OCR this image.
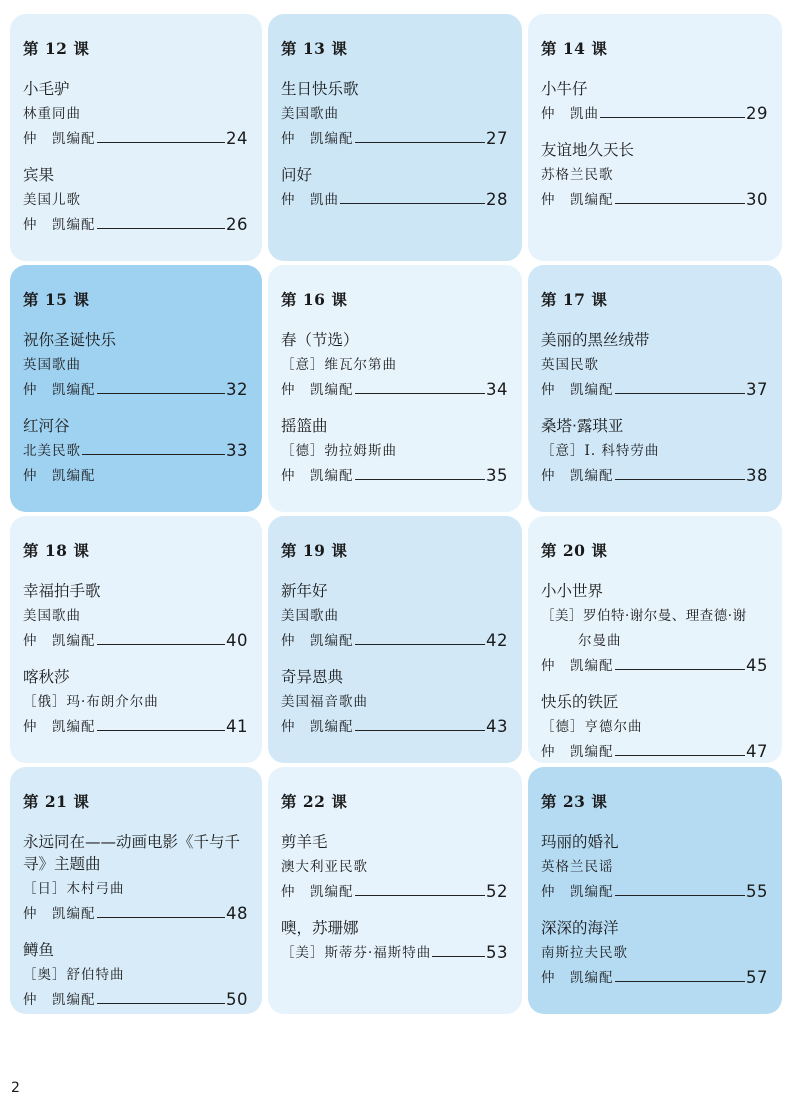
第 12 课
小毛驴
林重同曲
仲　凯编配	24
宾果
美国儿歌
仲　凯编配	26
第 13 课
生日快乐歌
美国歌曲
仲　凯编配	27
问好
仲　凯曲	28
第 14 课
小牛仔
仲　凯曲	29
友谊地久天长
苏格兰民歌
仲　凯编配	30
第 15 课
祝你圣诞快乐
英国歌曲
仲　凯编配	32
红河谷
北美民歌	33
仲　凯编配
第 16 课
春（节选）
［意］维瓦尔第曲
仲　凯编配	34
摇篮曲
［德］勃拉姆斯曲
仲　凯编配	35
第 17 课
美丽的黑丝绒带
英国民歌
仲　凯编配	37
桑塔·露琪亚
［意］I. 科特劳曲
仲　凯编配	38
第 18 课
幸福拍手歌
美国歌曲
仲　凯编配	40
喀秋莎
［俄］玛·布朗介尔曲
仲　凯编配	41
第 19 课
新年好
美国歌曲
仲　凯编配	42
奇异恩典
美国福音歌曲
仲　凯编配	43
第 20 课
小小世界
［美］罗伯特·谢尔曼、理查德·谢
尔曼曲
仲　凯编配	45
快乐的铁匠
［德］亨德尔曲
仲　凯编配	47
第 21 课
永远同在——动画电影《千与千寻》主题曲
［日］木村弓曲
仲　凯编配	48
鳟鱼
［奥］舒伯特曲
仲　凯编配	50
第 22 课
剪羊毛
澳大利亚民歌
仲　凯编配	52
噢，苏珊娜
［美］斯蒂芬·福斯特曲	53
第 23 课
玛丽的婚礼
英格兰民谣
仲　凯编配	55
深深的海洋
南斯拉夫民歌
仲　凯编配	57
2
